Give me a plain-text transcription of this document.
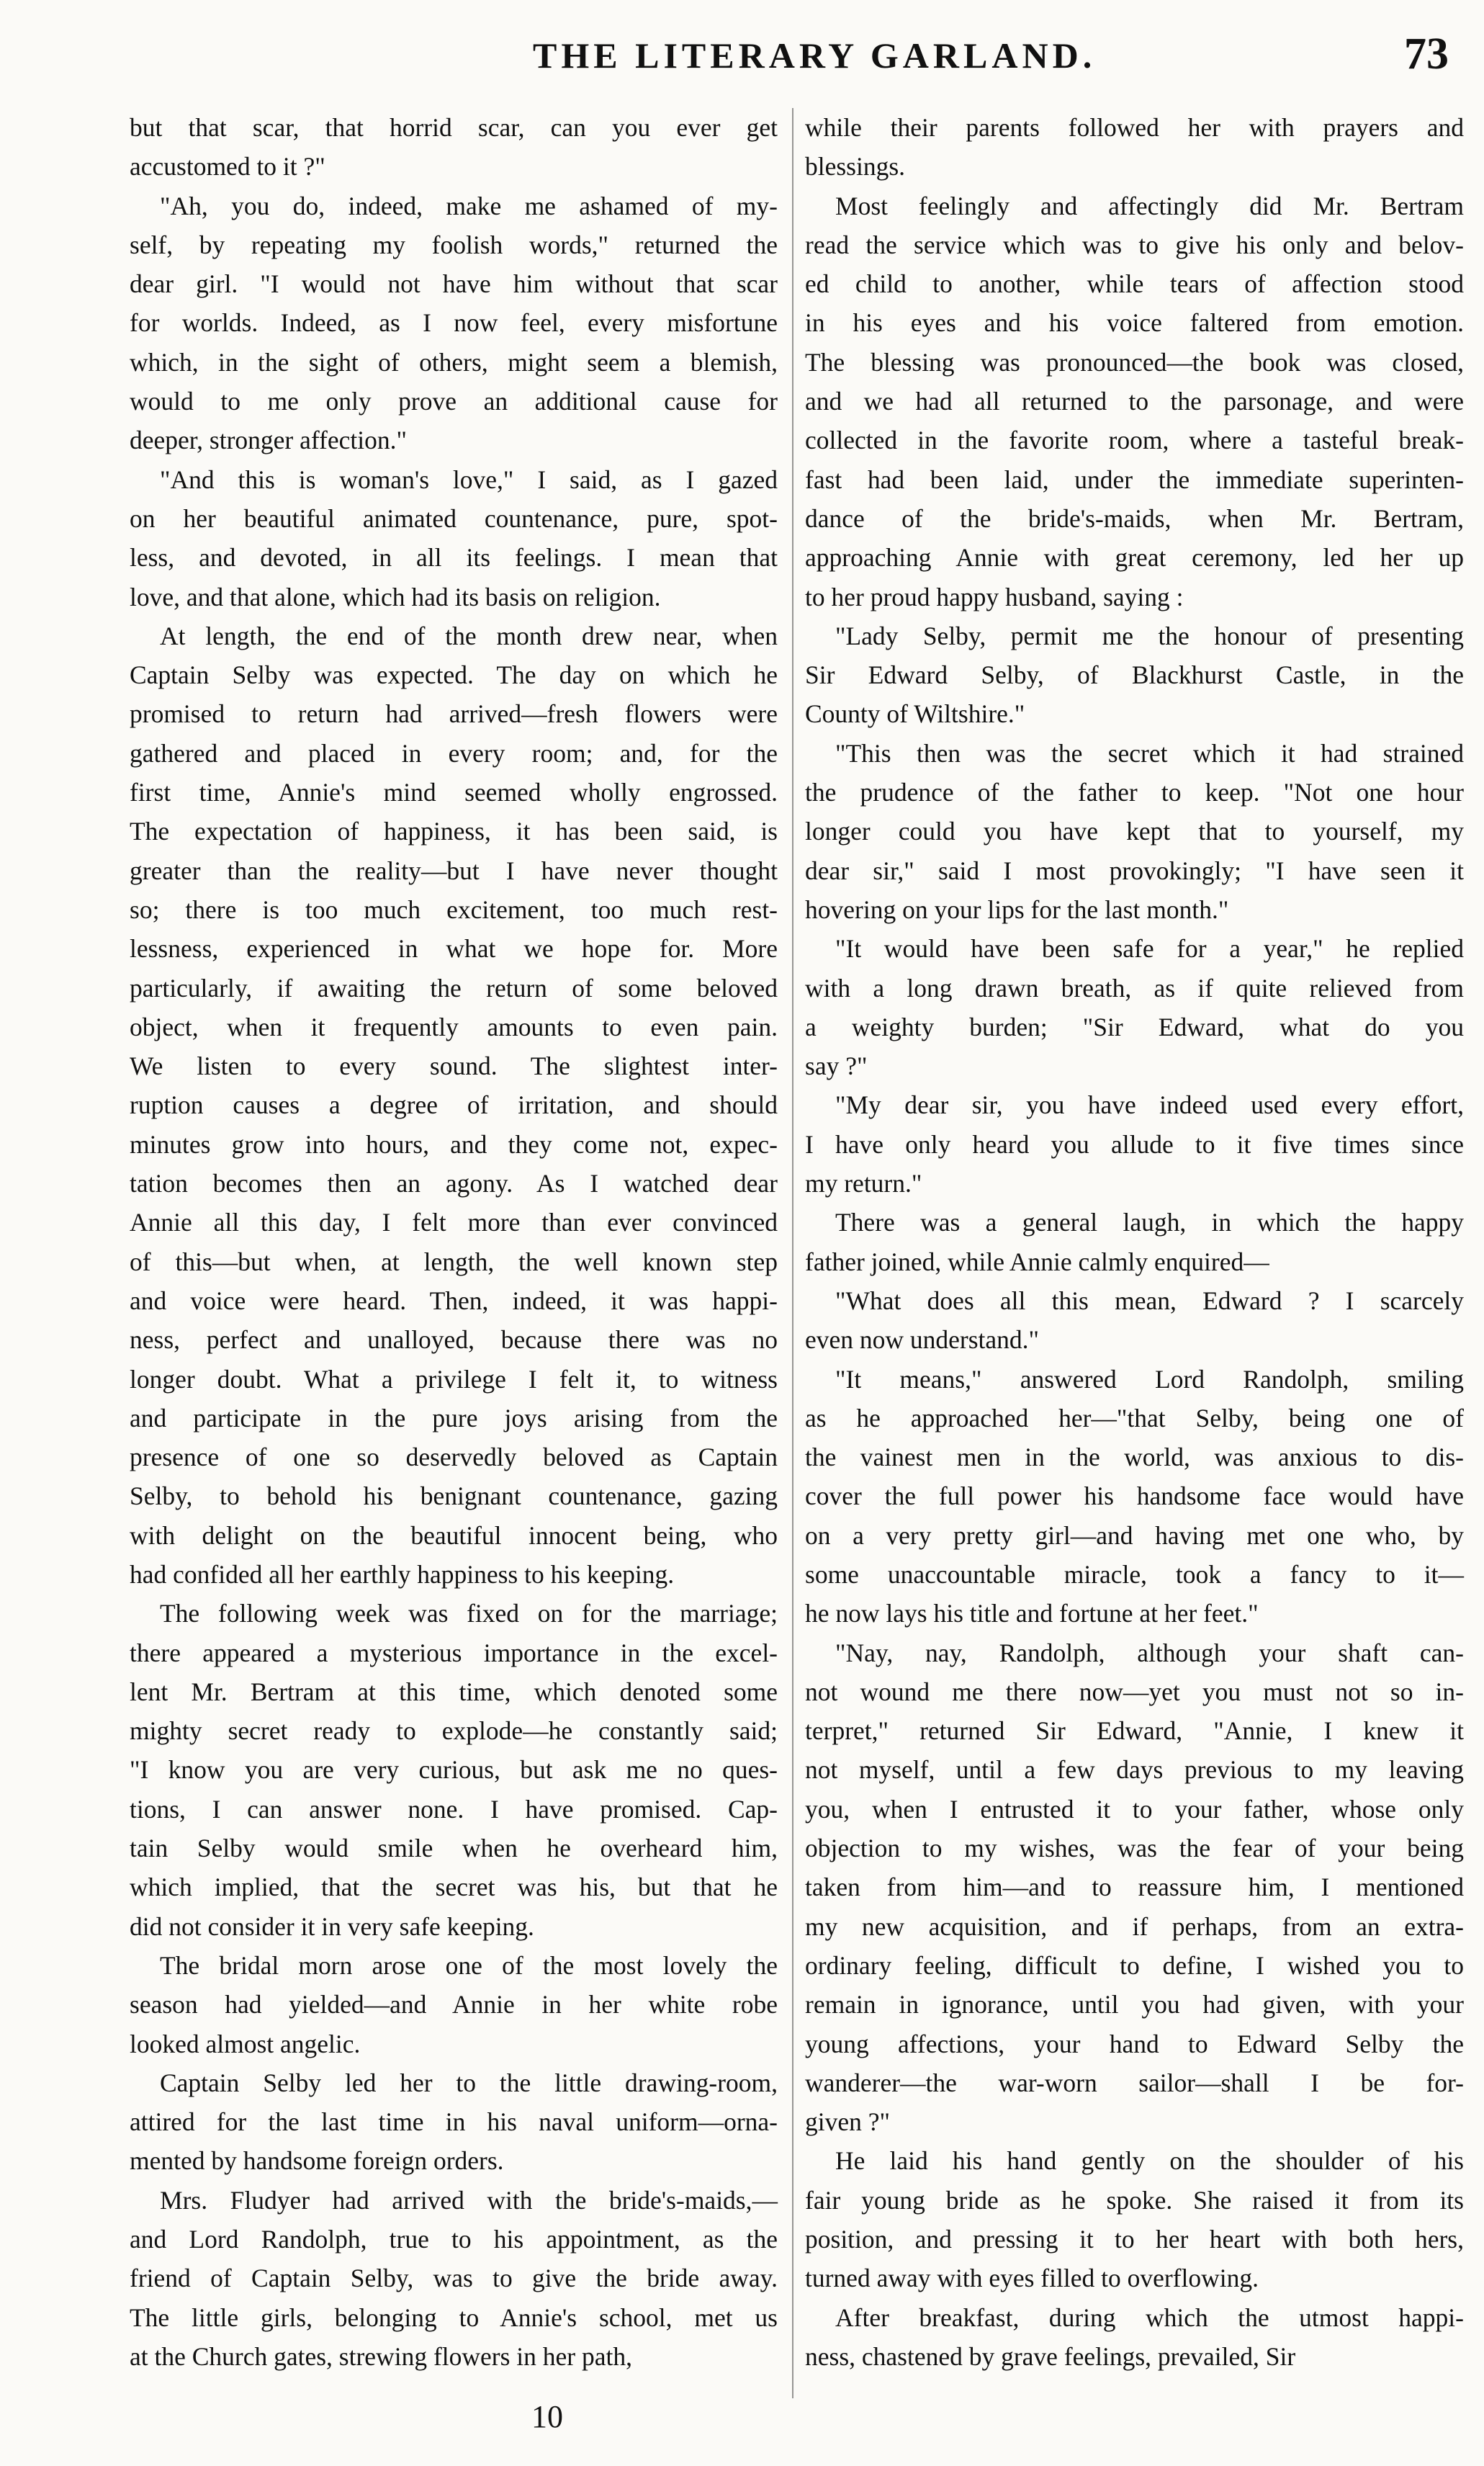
THE LITERARY GARLAND.	73

but that scar, that horrid scar, can you ever get
accustomed to it ?"

"Ah, you do, indeed, make me ashamed of my-
self, by repeating my foolish words," returned the
dear girl. "I would not have him without that scar
for worlds. Indeed, as I now feel, every misfortune
which, in the sight of others, might seem a blemish,
would to me only prove an additional cause for
deeper, stronger affection."

"And this is woman's love," I said, as I gazed
on her beautiful animated countenance, pure, spot-
less, and devoted, in all its feelings. I mean that
love, and that alone, which had its basis on religion.

At length, the end of the month drew near, when
Captain Selby was expected. The day on which he
promised to return had arrived—fresh flowers were
gathered and placed in every room; and, for the
first time, Annie's mind seemed wholly engrossed.
The expectation of happiness, it has been said, is
greater than the reality—but I have never thought
so; there is too much excitement, too much rest-
lessness, experienced in what we hope for. More
particularly, if awaiting the return of some beloved
object, when it frequently amounts to even pain.
We listen to every sound. The slightest inter-
ruption causes a degree of irritation, and should
minutes grow into hours, and they come not, expec-
tation becomes then an agony. As I watched dear
Annie all this day, I felt more than ever convinced
of this—but when, at length, the well known step
and voice were heard. Then, indeed, it was happi-
ness, perfect and unalloyed, because there was no
longer doubt. What a privilege I felt it, to witness
and participate in the pure joys arising from the
presence of one so deservedly beloved as Captain
Selby, to behold his benignant countenance, gazing
with delight on the beautiful innocent being, who
had confided all her earthly happiness to his keeping.

The following week was fixed on for the marriage;
there appeared a mysterious importance in the excel-
lent Mr. Bertram at this time, which denoted some
mighty secret ready to explode—he constantly said;
"I know you are very curious, but ask me no ques-
tions, I can answer none. I have promised. Cap-
tain Selby would smile when he overheard him,
which implied, that the secret was his, but that he
did not consider it in very safe keeping.

The bridal morn arose one of the most lovely the
season had yielded—and Annie in her white robe
looked almost angelic.

Captain Selby led her to the little drawing-room,
attired for the last time in his naval uniform—orna-
mented by handsome foreign orders.

Mrs. Fludyer had arrived with the bride's-maids,—
and Lord Randolph, true to his appointment, as the
friend of Captain Selby, was to give the bride away.
The little girls, belonging to Annie's school, met us
at the Church gates, strewing flowers in her path,

while their parents followed her with prayers and
blessings.

Most feelingly and affectingly did Mr. Bertram
read the service which was to give his only and belov-
ed child to another, while tears of affection stood
in his eyes and his voice faltered from emotion.
The blessing was pronounced—the book was closed,
and we had all returned to the parsonage, and were
collected in the favorite room, where a tasteful break-
fast had been laid, under the immediate superinten-
dance of the bride's-maids, when Mr. Bertram,
approaching Annie with great ceremony, led her up
to her proud happy husband, saying :

"Lady Selby, permit me the honour of presenting
Sir Edward Selby, of Blackhurst Castle, in the
County of Wiltshire."

"This then was the secret which it had strained
the prudence of the father to keep. "Not one hour
longer could you have kept that to yourself, my
dear sir," said I most provokingly; "I have seen it
hovering on your lips for the last month."

"It would have been safe for a year," he replied
with a long drawn breath, as if quite relieved from
a weighty burden; "Sir Edward, what do you
say ?"

"My dear sir, you have indeed used every effort,
I have only heard you allude to it five times since
my return."

There was a general laugh, in which the happy
father joined, while Annie calmly enquired—

"What does all this mean, Edward ? I scarcely
even now understand."

"It means," answered Lord Randolph, smiling
as he approached her—"that Selby, being one of
the vainest men in the world, was anxious to dis-
cover the full power his handsome face would have
on a very pretty girl—and having met one who, by
some unaccountable miracle, took a fancy to it—
he now lays his title and fortune at her feet."

"Nay, nay, Randolph, although your shaft can-
not wound me there now—yet you must not so in-
terpret," returned Sir Edward, "Annie, I knew it
not myself, until a few days previous to my leaving
you, when I entrusted it to your father, whose only
objection to my wishes, was the fear of your being
taken from him—and to reassure him, I mentioned
my new acquisition, and if perhaps, from an extra-
ordinary feeling, difficult to define, I wished you to
remain in ignorance, until you had given, with your
young affections, your hand to Edward Selby the
wanderer—the war-worn sailor—shall I be for-
given ?"

He laid his hand gently on the shoulder of his
fair young bride as he spoke. She raised it from its
position, and pressing it to her heart with both hers,
turned away with eyes filled to overflowing.

After breakfast, during which the utmost happi-
ness, chastened by grave feelings, prevailed, Sir

10
